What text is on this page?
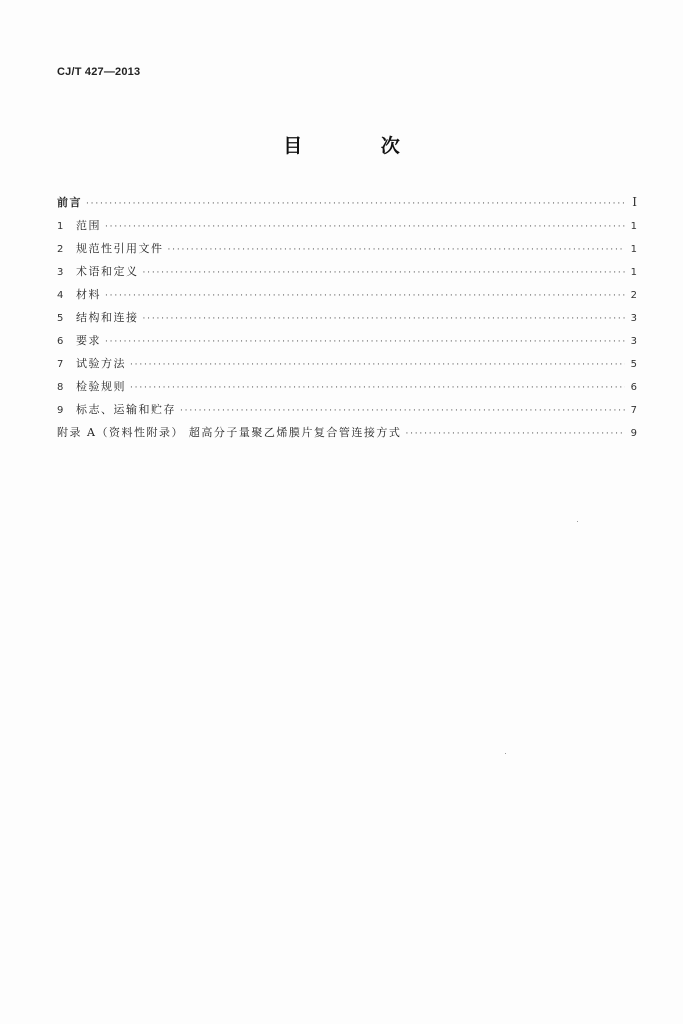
CJ/T 427—2013
目 次
前言 ·····	I
1	范围 ·····	1
2	规范性引用文件 ·····	1
3	术语和定义 ·····	1
4	材料 ·····	2
5	结构和连接 ·····	3
6	要求 ·····	3
7	试验方法 ·····	5
8	检验规则 ·····	6
9	标志、运输和贮存 ·····	7
附录 A（资料性附录） 超高分子量聚乙烯膜片复合管连接方式 ·····	9
